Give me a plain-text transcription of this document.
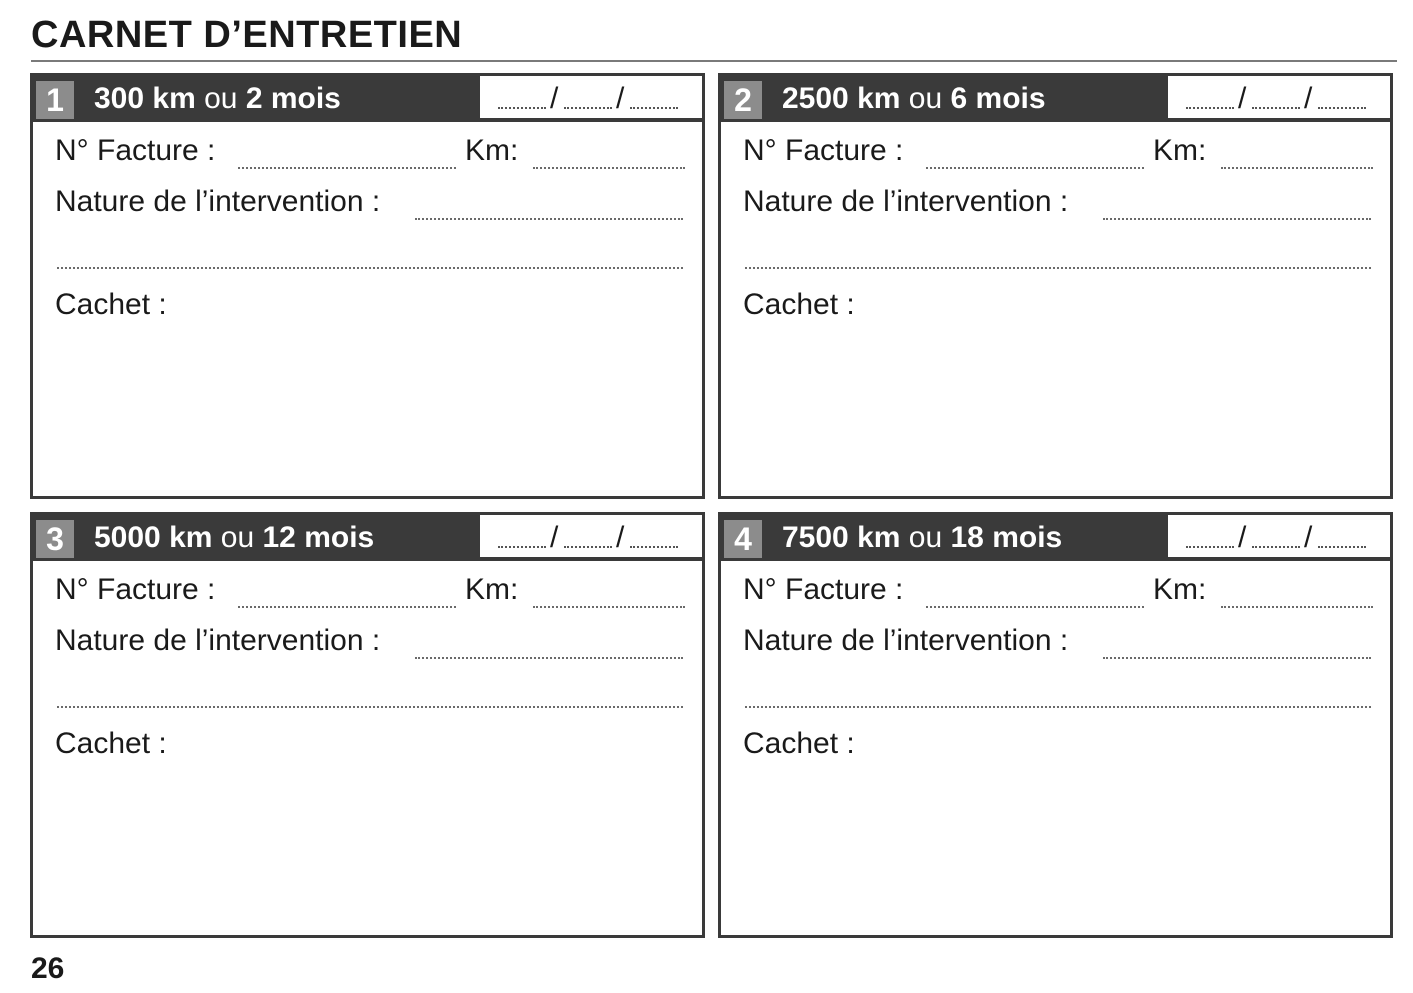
CARNET D’ENTRETIEN
1	300 km ou 2 mois	/ /
N° Facture :	Km:
Nature de l’intervention :
Cachet :
2	2500 km ou 6 mois	/ /
N° Facture :	Km:
Nature de l’intervention :
Cachet :
3	5000 km ou 12 mois	/ /
N° Facture :	Km:
Nature de l’intervention :
Cachet :
4	7500 km ou 18 mois	/ /
N° Facture :	Km:
Nature de l’intervention :
Cachet :
26
